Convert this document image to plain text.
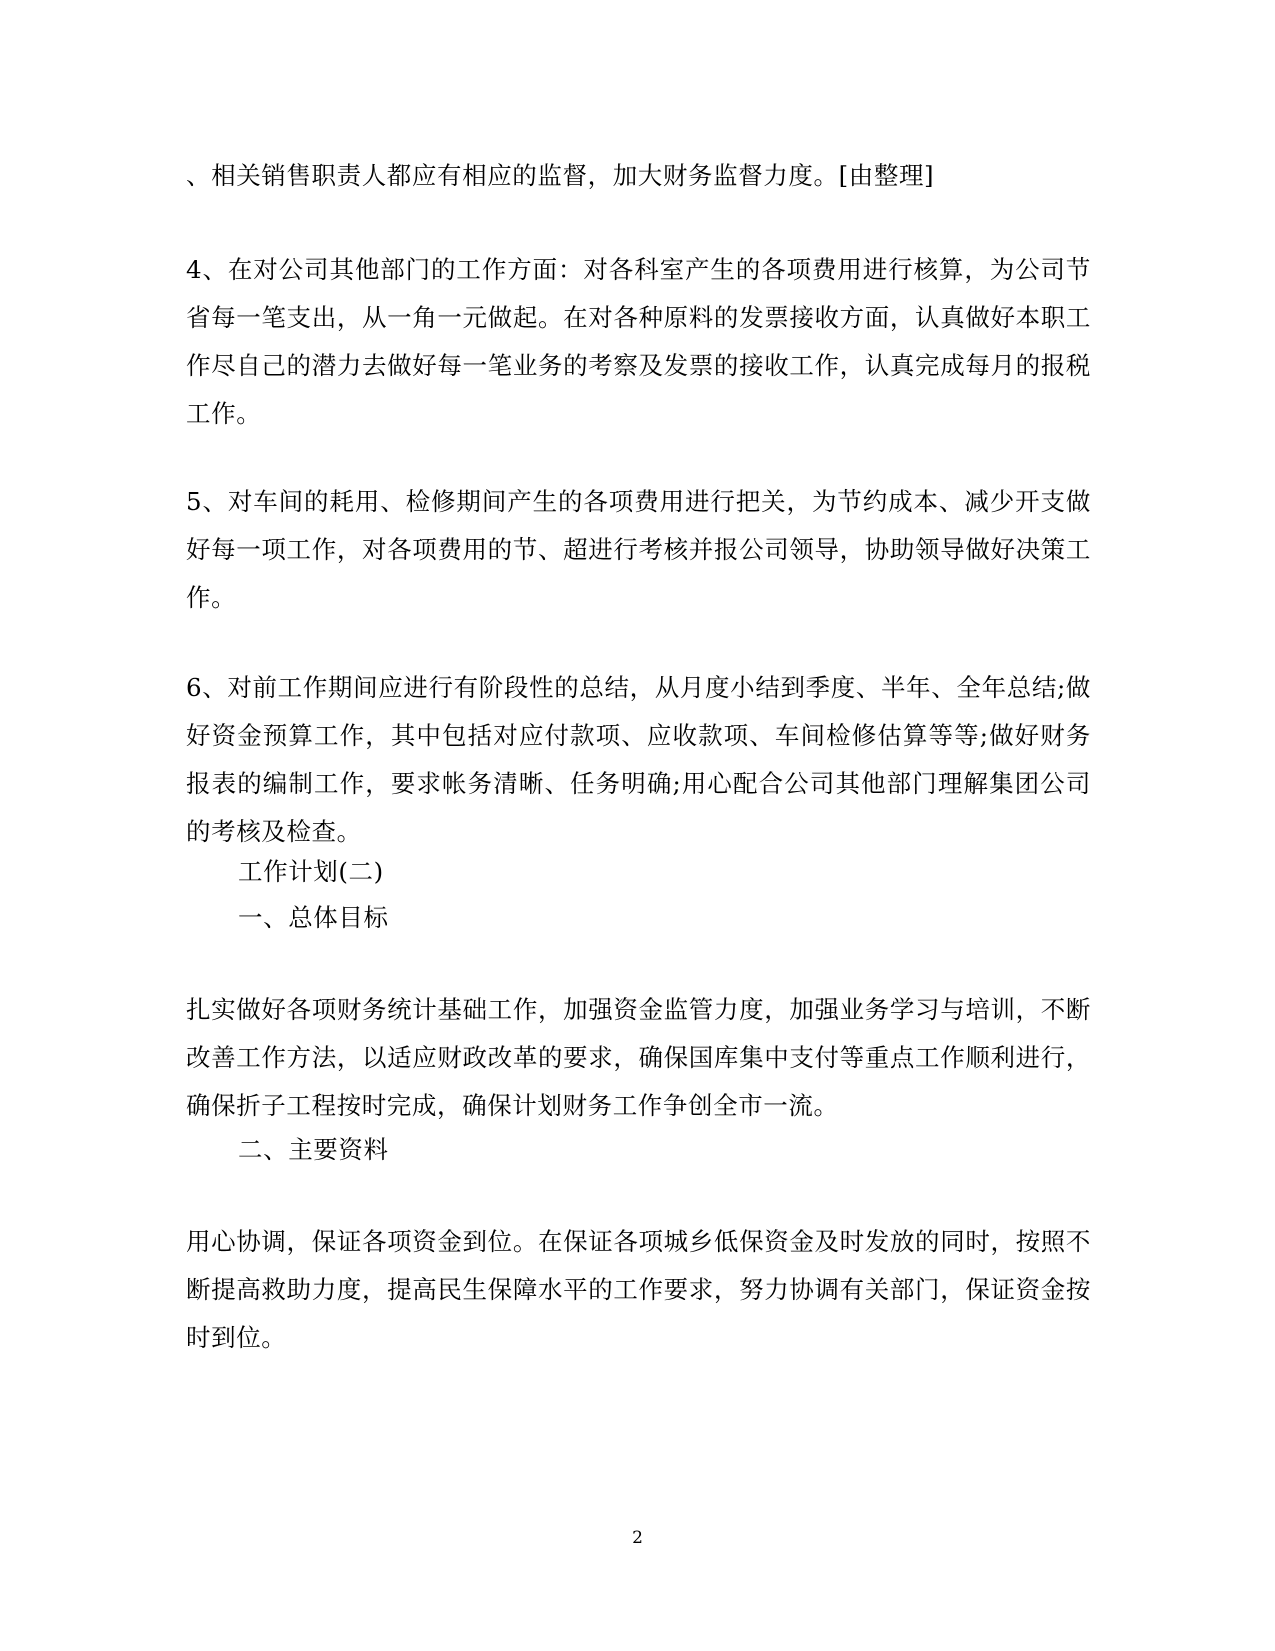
、相关销售职责人都应有相应的监督，加大财务监督力度。[由整理]

4、在对公司其他部门的工作方面：对各科室产生的各项费用进行核算，为公司节省每一笔支出，从一角一元做起。在对各种原料的发票接收方面，认真做好本职工作尽自己的潜力去做好每一笔业务的考察及发票的接收工作，认真完成每月的报税工作。

5、对车间的耗用、检修期间产生的各项费用进行把关，为节约成本、减少开支做好每一项工作，对各项费用的节、超进行考核并报公司领导，协助领导做好决策工作。

6、对前工作期间应进行有阶段性的总结，从月度小结到季度、半年、全年总结;做好资金预算工作，其中包括对应付款项、应收款项、车间检修估算等等;做好财务报表的编制工作，要求帐务清晰、任务明确;用心配合公司其他部门理解集团公司的考核及检查。

工作计划(二)

一、总体目标

扎实做好各项财务统计基础工作，加强资金监管力度，加强业务学习与培训，不断改善工作方法，以适应财政改革的要求，确保国库集中支付等重点工作顺利进行，确保折子工程按时完成，确保计划财务工作争创全市一流。

二、主要资料

用心协调，保证各项资金到位。在保证各项城乡低保资金及时发放的同时，按照不断提高救助力度，提高民生保障水平的工作要求，努力协调有关部门，保证资金按时到位。

2
